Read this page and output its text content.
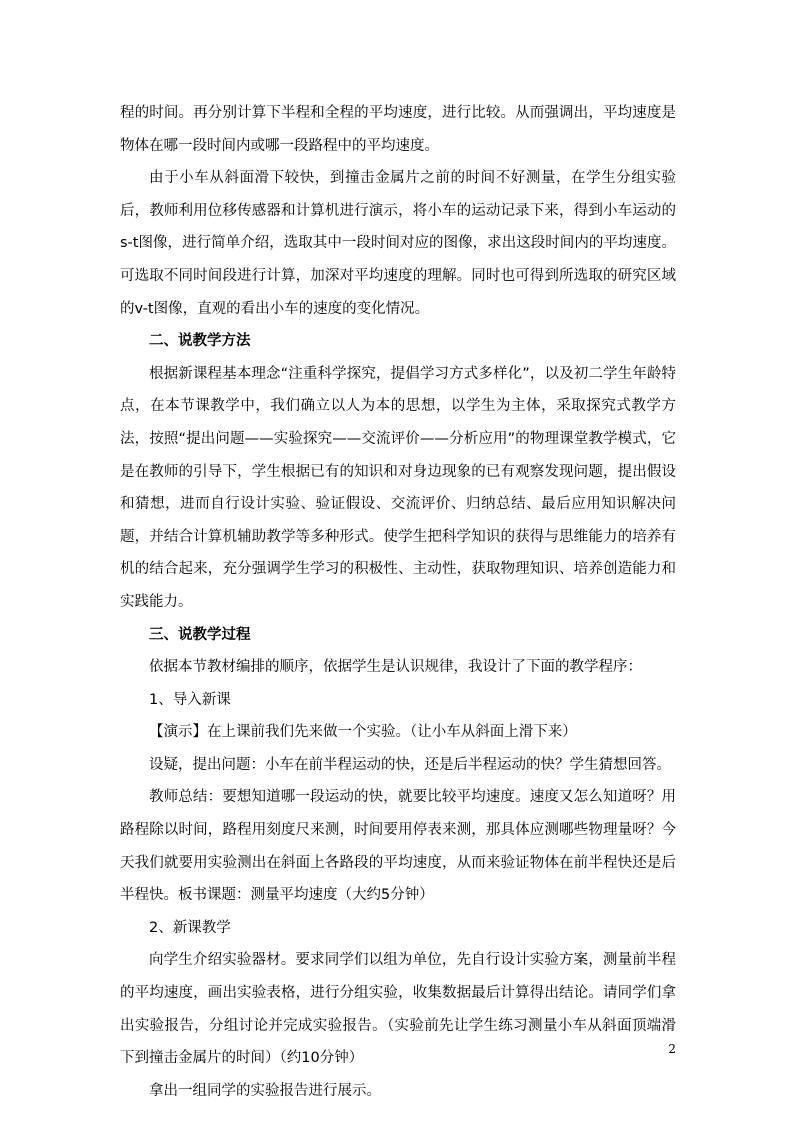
程的时间。再分别计算下半程和全程的平均速度，进行比较。从而强调出，平均速度是物体在哪一段时间内或哪一段路程中的平均速度。

由于小车从斜面滑下较快，到撞击金属片之前的时间不好测量，在学生分组实验后，教师利用位移传感器和计算机进行演示，将小车的运动记录下来，得到小车运动的s-t图像，进行简单介绍，选取其中一段时间对应的图像，求出这段时间内的平均速度。可选取不同时间段进行计算，加深对平均速度的理解。同时也可得到所选取的研究区域的v-t图像，直观的看出小车的速度的变化情况。

二、说教学方法

根据新课程基本理念“注重科学探究，提倡学习方式多样化”，以及初二学生年龄特点，在本节课教学中，我们确立以人为本的思想，以学生为主体，采取探究式教学方法，按照“提出问题——实验探究——交流评价——分析应用”的物理课堂教学模式，它是在教师的引导下，学生根据已有的知识和对身边现象的已有观察发现问题，提出假设和猜想，进而自行设计实验、验证假设、交流评价、归纳总结、最后应用知识解决问题，并结合计算机辅助教学等多种形式。使学生把科学知识的获得与思维能力的培养有机的结合起来，充分强调学生学习的积极性、主动性，获取物理知识、培养创造能力和实践能力。

三、说教学过程

依据本节教材编排的顺序，依据学生是认识规律，我设计了下面的教学程序：

1、导入新课

【演示】在上课前我们先来做一个实验。（让小车从斜面上滑下来）

设疑，提出问题：小车在前半程运动的快，还是后半程运动的快？学生猜想回答。

教师总结：要想知道哪一段运动的快，就要比较平均速度。速度又怎么知道呀？用路程除以时间，路程用刻度尺来测，时间要用停表来测，那具体应测哪些物理量呀？今天我们就要用实验测出在斜面上各路段的平均速度，从而来验证物体在前半程快还是后半程快。板书课题：测量平均速度（大约5分钟）

2、新课教学

向学生介绍实验器材。要求同学们以组为单位，先自行设计实验方案，测量前半程的平均速度，画出实验表格，进行分组实验，收集数据最后计算得出结论。请同学们拿出实验报告，分组讨论并完成实验报告。（实验前先让学生练习测量小车从斜面顶端滑下到撞击金属片的时间）（约10分钟）

拿出一组同学的实验报告进行展示。

2
